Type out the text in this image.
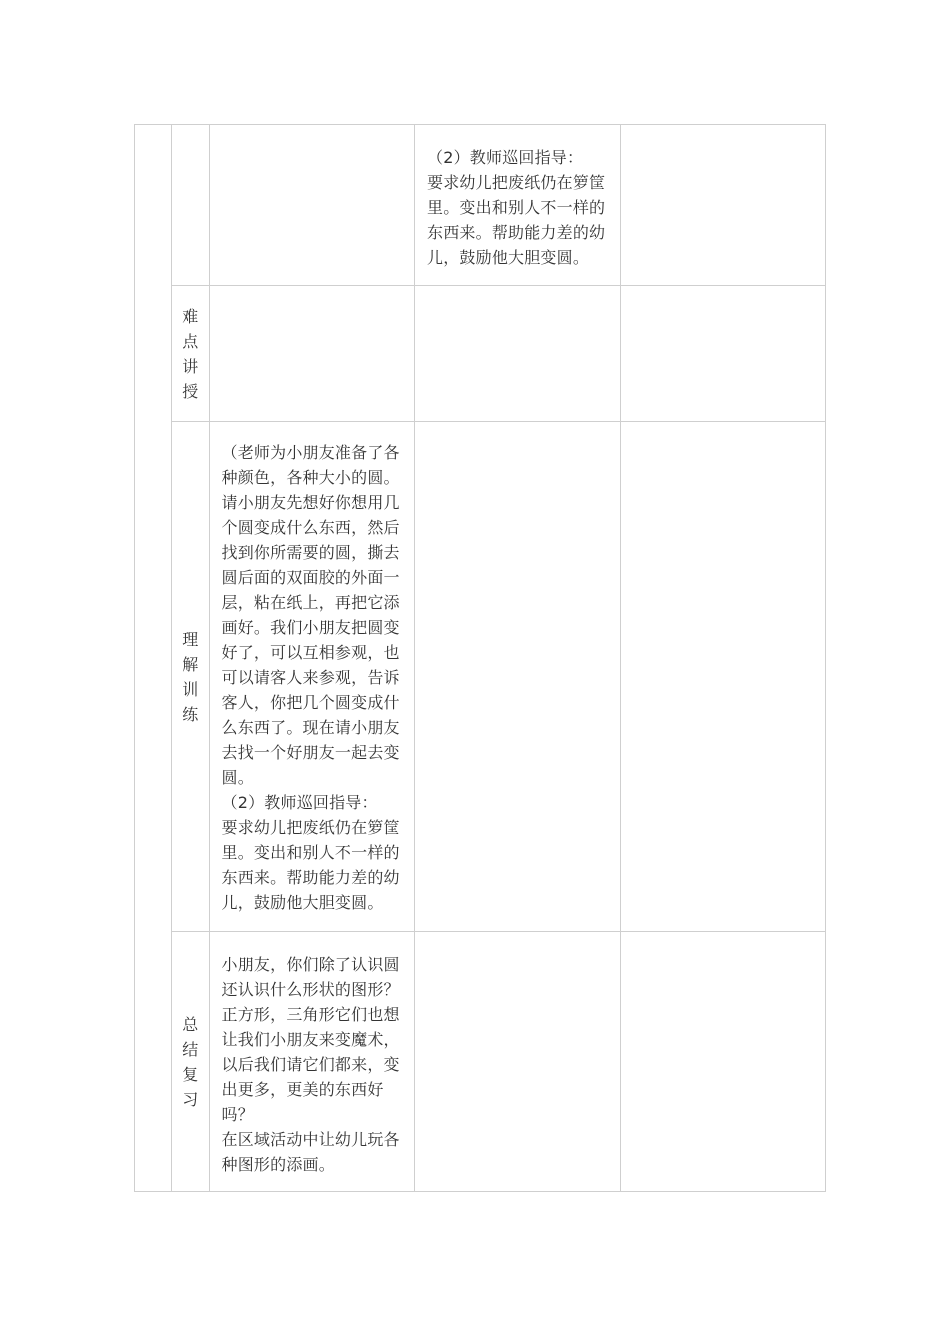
			（2）教师巡回指导：
要求幼儿把废纸仍在箩筐里。变出和别人不一样的东西来。帮助能力差的幼儿，鼓励他大胆变圆。	

	难点讲授	

	理解训练	（老师为小朋友准备了各种颜色，各种大小的圆。请小朋友先想好你想用几个圆变成什么东西，然后找到你所需要的圆，撕去圆后面的双面胶的外面一层，粘在纸上，再把它添画好。我们小朋友把圆变好了，可以互相参观，也可以请客人来参观，告诉客人，你把几个圆变成什么东西了。现在请小朋友去找一个好朋友一起去变圆。
（2）教师巡回指导：
要求幼儿把废纸仍在箩筐里。变出和别人不一样的东西来。帮助能力差的幼儿，鼓励他大胆变圆。		

	总结复习	小朋友，你们除了认识圆还认识什么形状的图形？正方形，三角形它们也想让我们小朋友来变魔术，以后我们请它们都来，变出更多，更美的东西好吗？
在区域活动中让幼儿玩各种图形的添画。		
